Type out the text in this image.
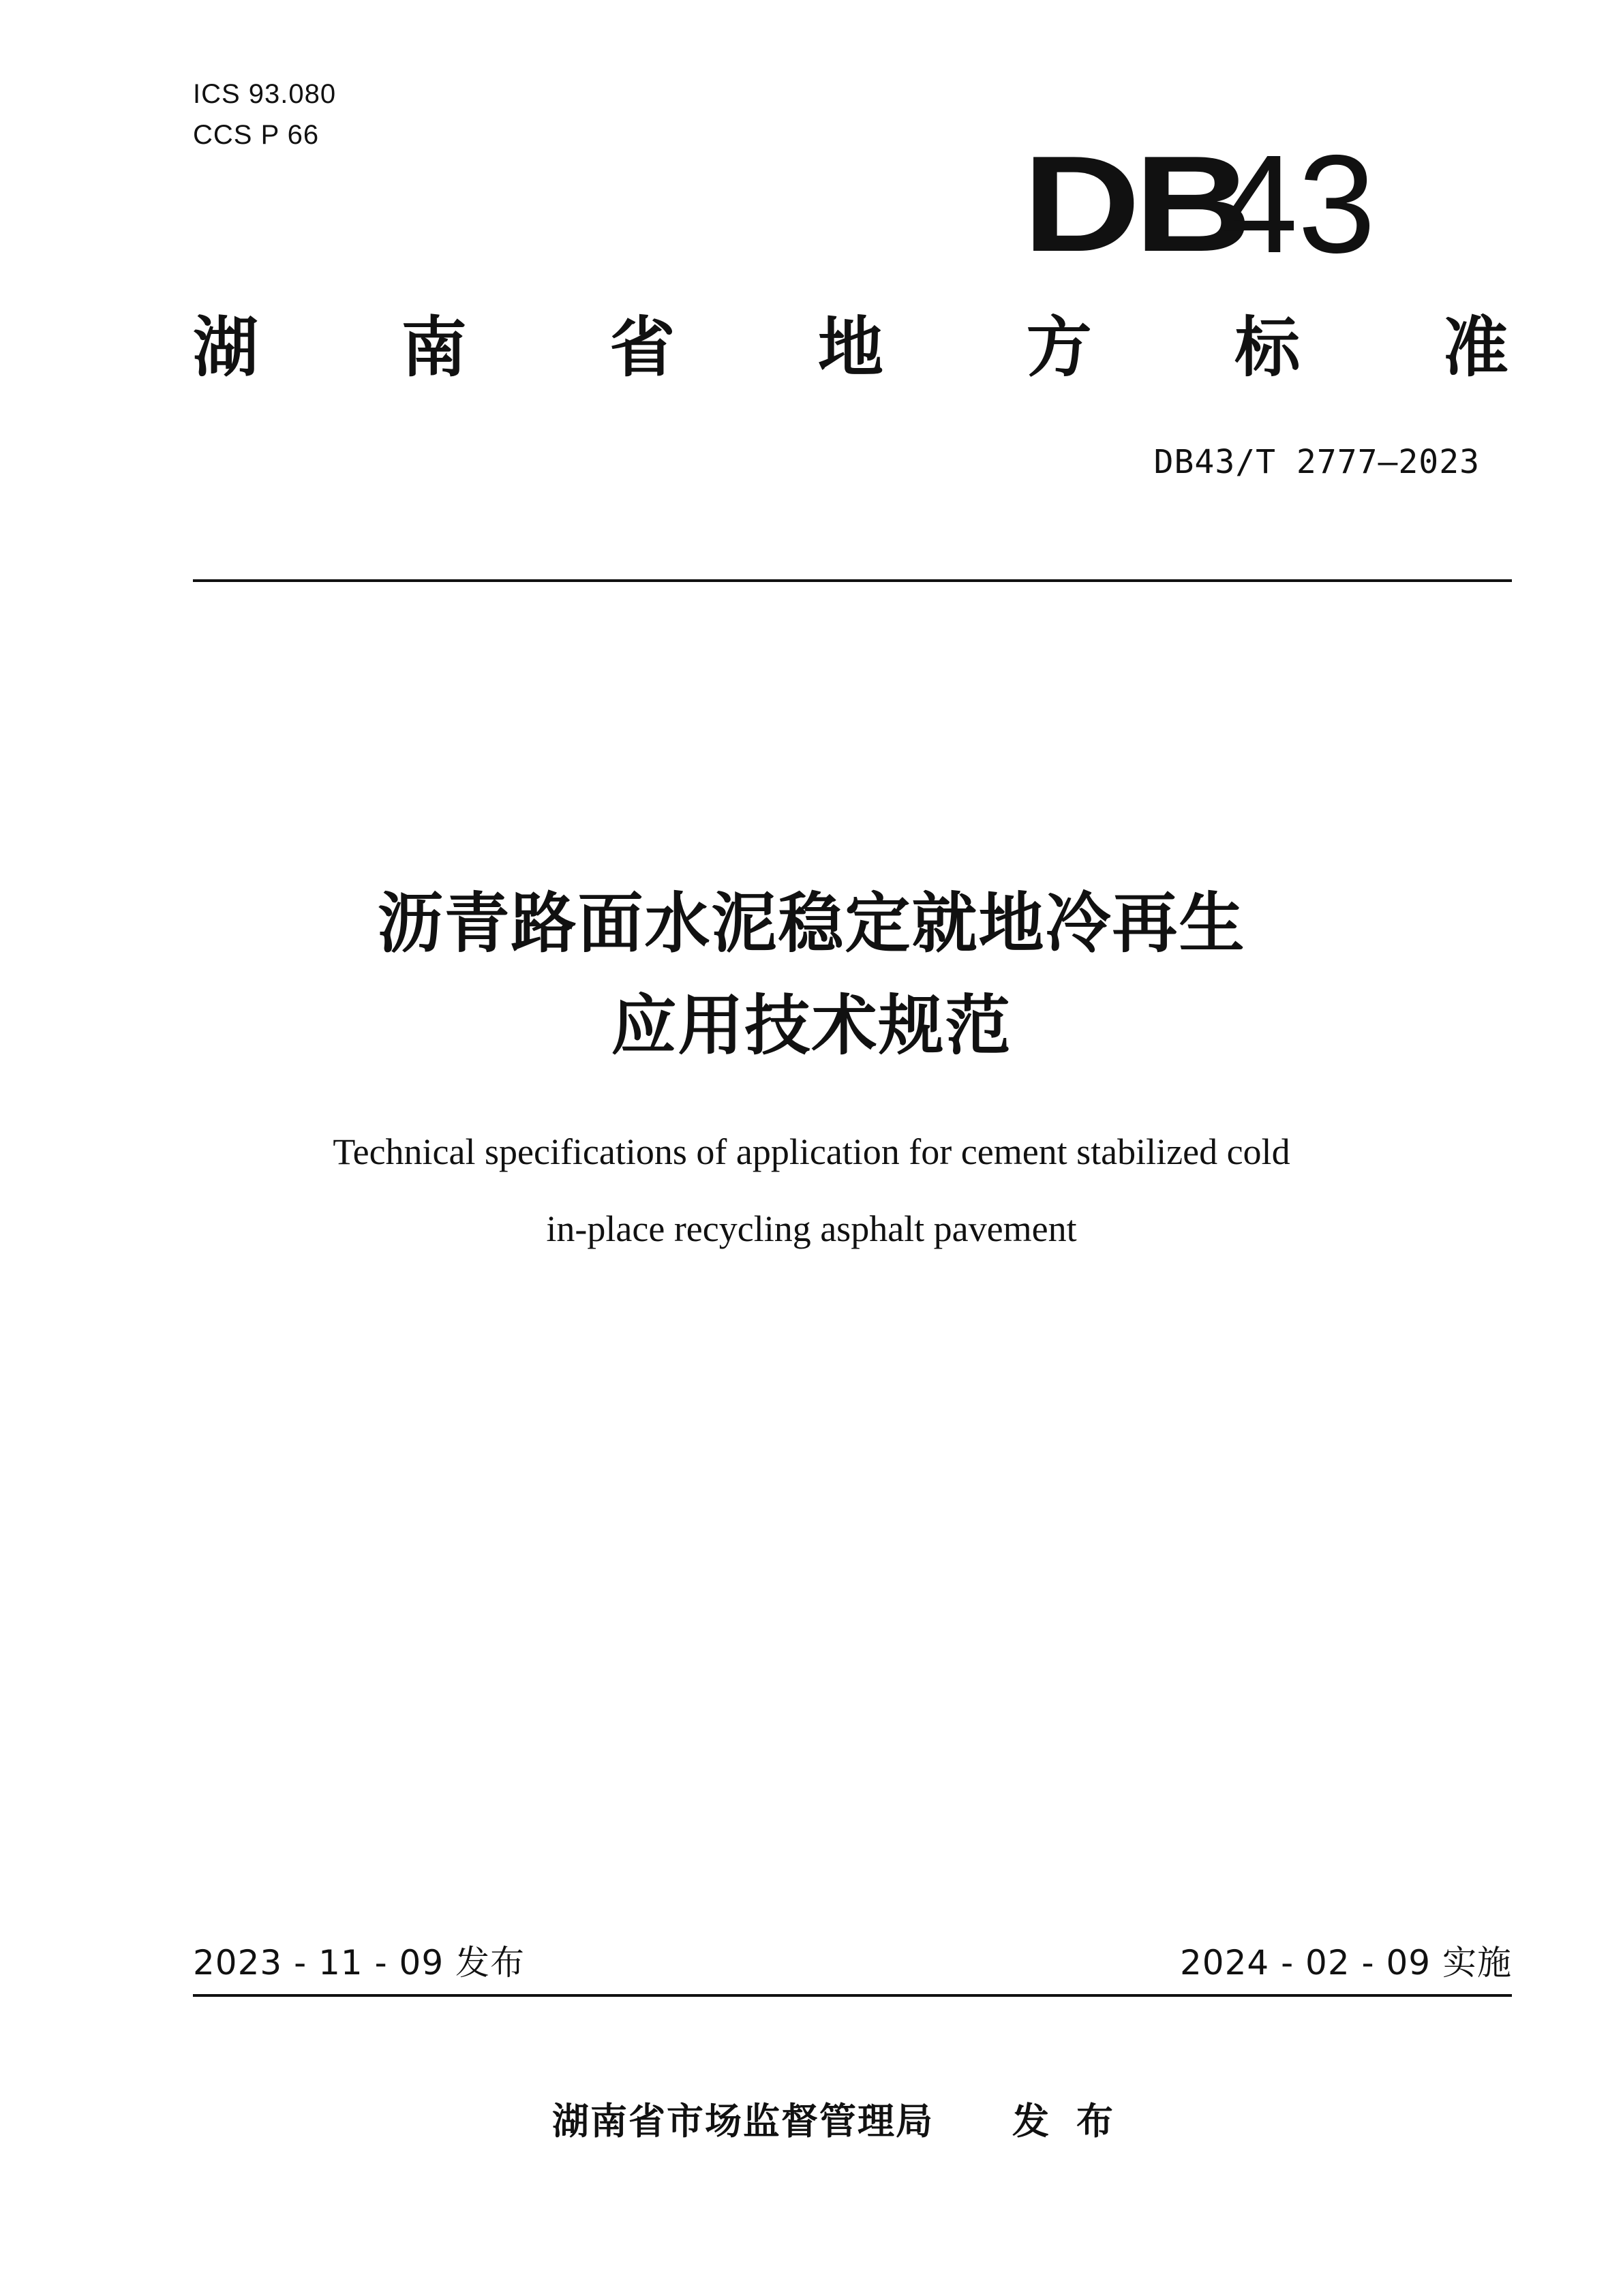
ICS 93.080
CCS P 66	DB
43
湖 南 省 地 方 标 准
DB43/T 2777—2023
沥青路面水泥稳定就地冷再生
应用技术规范
Technical specifications of application for cement stabilized cold
in-place recycling asphalt pavement
2023 - 11 - 09 发布	2024 - 02 - 09 实施
湖南省市场监督管理局 发布
